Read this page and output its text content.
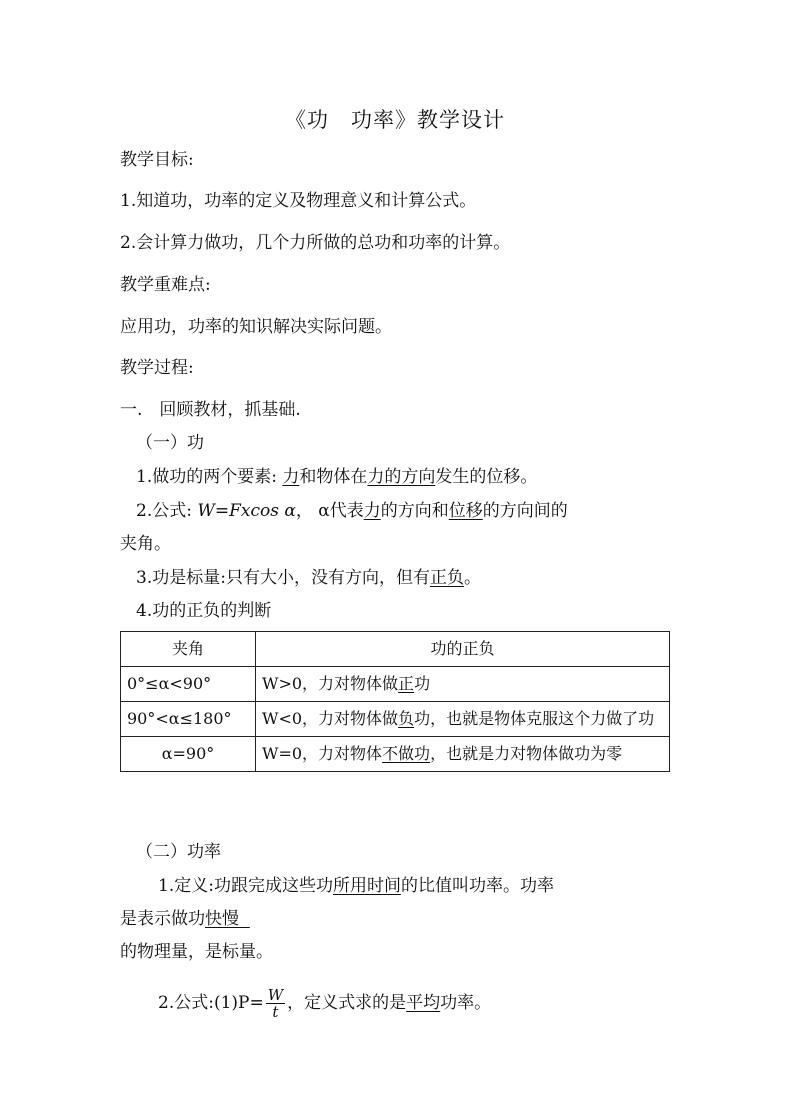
《功　功率》教学设计
教学目标:
1.知道功，功率的定义及物理意义和计算公式。
2.会计算力做功，几个力所做的总功和功率的计算。
教学重难点:
应用功，功率的知识解决实际问题。
教学过程:
一.　回顾教材，抓基础.
（一）功
1.做功的两个要素: 力和物体在力的方向发生的位移。
2.公式: W=Fxcos α， α代表力的方向和位移的方向间的
夹角。
3.功是标量:只有大小，没有方向，但有正负。
4.功的正负的判断
夹角	功的正负
0°≤α<90°	W>0，力对物体做正功
90°<α≤180°	W<0，力对物体做负功，也就是物体克服这个力做了功
α=90°	W=0，力对物体不做功，也就是力对物体做功为零
（二）功率
1.定义:功跟完成这些功所用时间的比值叫功率。功率
是表示做功快慢
的物理量，是标量。
2.公式:(1)P= $\frac{W}{t}$ ，定义式求的是平均功率。
